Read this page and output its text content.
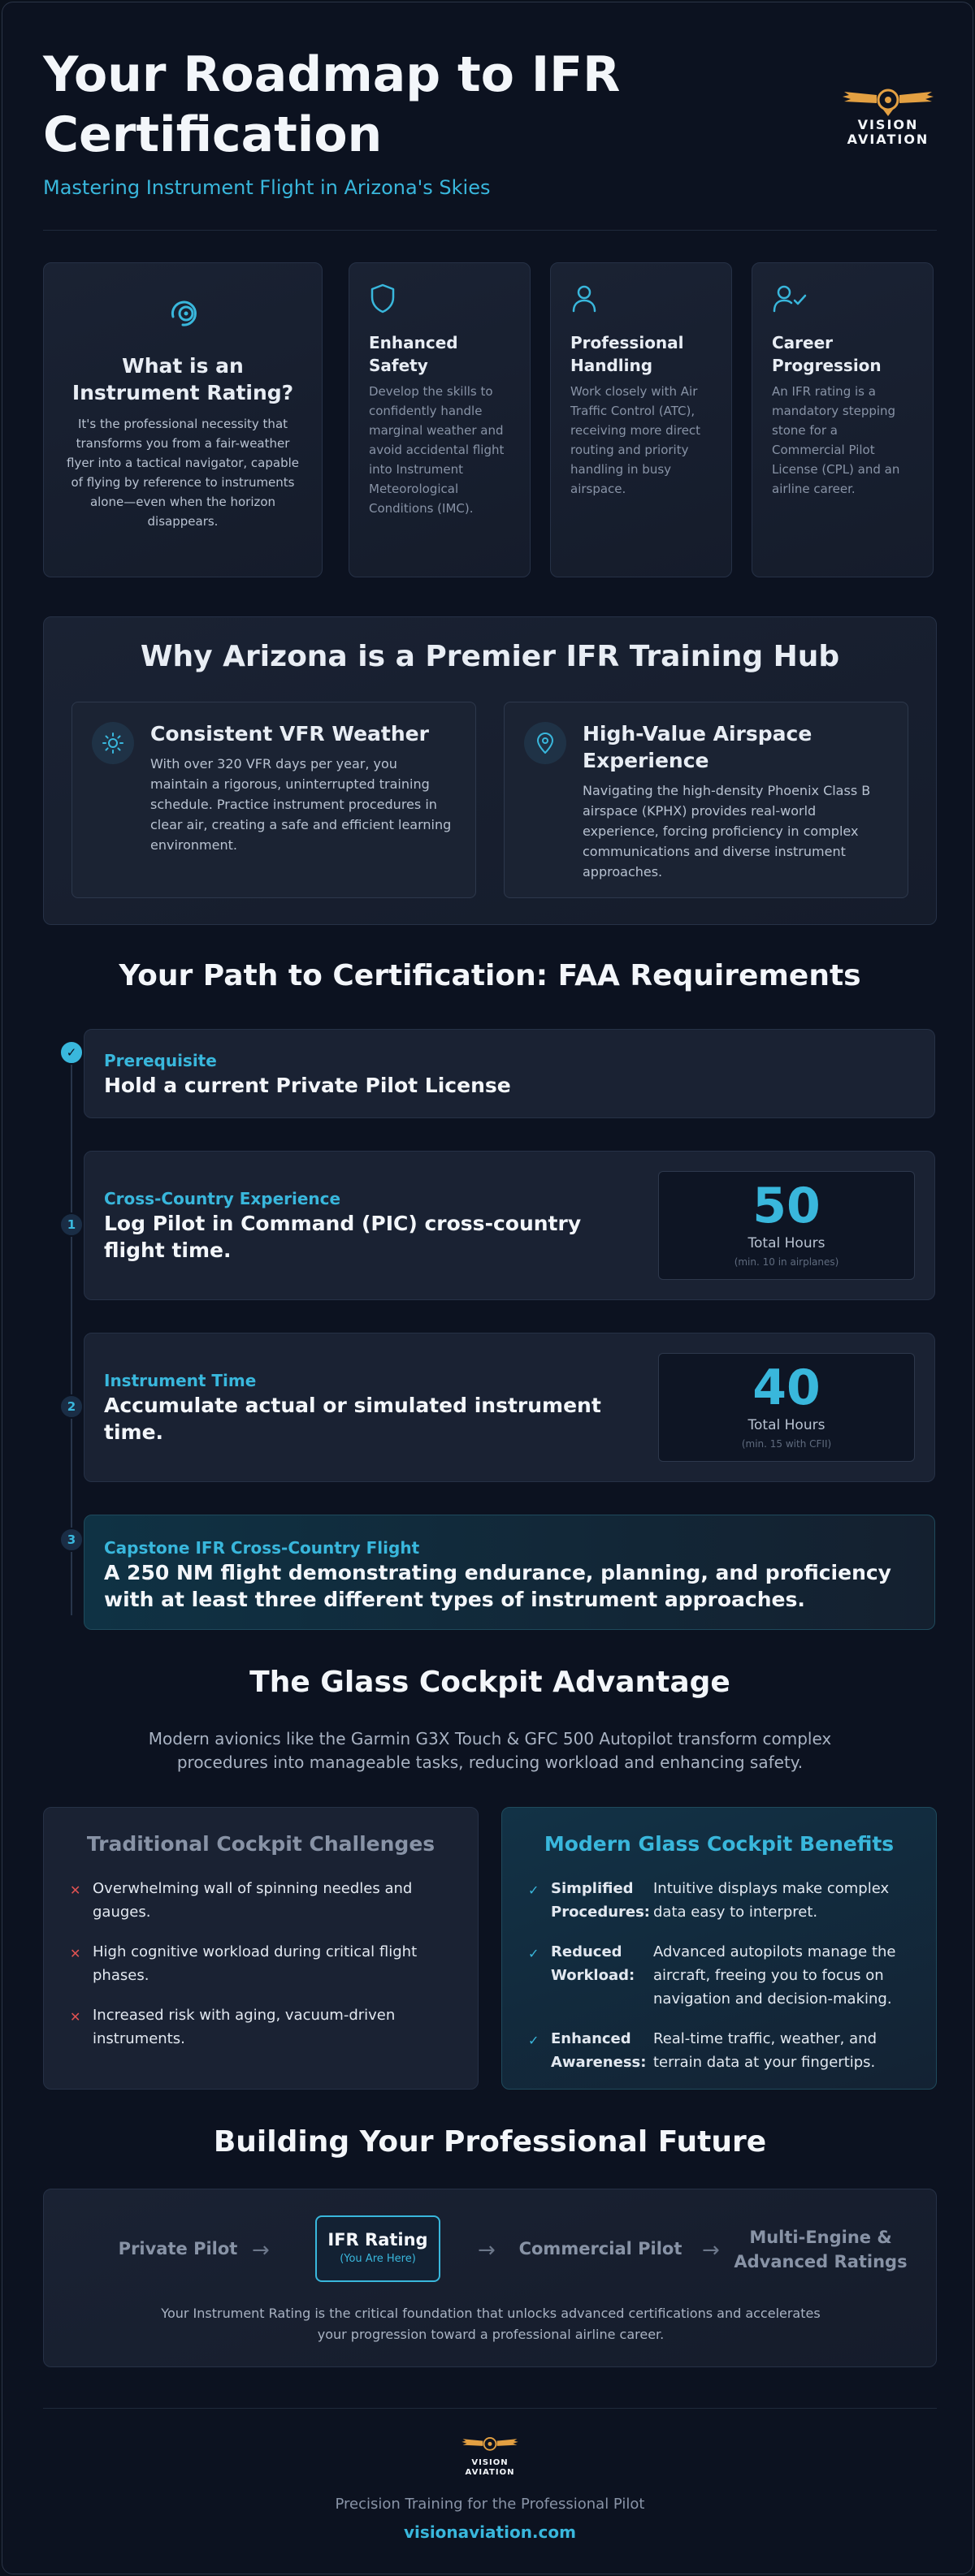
Your Roadmap to IFR Certification
Mastering Instrument Flight in Arizona's Skies
VISION
AVIATION
What is an Instrument Rating?

It's the professional necessity that transforms you from a fair-weather flyer into a tactical navigator, capable of flying by reference to instruments alone—even when the horizon disappears.

Enhanced Safety

Develop the skills to confidently handle marginal weather and avoid accidental flight into Instrument Meteorological Conditions (IMC).

Professional Handling

Work closely with Air Traffic Control (ATC), receiving more direct routing and priority handling in busy airspace.

Career Progression

An IFR rating is a mandatory stepping stone for a Commercial Pilot License (CPL) and an airline career.

Why Arizona is a Premier IFR Training Hub
Consistent VFR Weather

With over 320 VFR days per year, you maintain a rigorous, uninterrupted training schedule. Practice instrument procedures in clear air, creating a safe and efficient learning environment.

High-Value Airspace Experience

Navigating the high-density Phoenix Class B airspace (KPHX) provides real-world experience, forcing proficiency in complex communications and diverse instrument approaches.

Your Path to Certification: FAA Requirements
✓	Prerequisite
Hold a current Private Pilot License
1
Cross-Country Experience
Log Pilot in Command (PIC) cross-country flight time.
50
Total Hours
(min. 10 in airplanes)
2
Instrument Time
Accumulate actual or simulated instrument time.
40
Total Hours
(min. 15 with CFII)
3	Capstone IFR Cross-Country Flight
A 250 NM flight demonstrating endurance, planning, and proficiency with at least three different types of instrument approaches.
The Glass Cockpit Advantage
Modern avionics like the Garmin G3X Touch & GFC 500 Autopilot transform complex procedures into manageable tasks, reducing workload and enhancing safety.
Traditional Cockpit Challenges
✕ Overwhelming wall of spinning needles and gauges.
✕ High cognitive workload during critical flight phases.
✕ Increased risk with aging, vacuum-driven instruments.
Modern Glass Cockpit Benefits
✓ Simplified Procedures:
Intuitive displays make complex data easy to interpret.
✓ Reduced Workload:
Advanced autopilots manage the aircraft, freeing you to focus on navigation and decision-making.
✓ Enhanced Awareness:
Real-time traffic, weather, and terrain data at your fingertips.
Building Your Professional Future
Private Pilot →	IFR Rating
(You Are Here)	→ Commercial Pilot →
Multi-Engine & Advanced Ratings
Your Instrument Rating is the critical foundation that unlocks advanced certifications and accelerates your progression toward a professional airline career.
VISION
AVIATION
Precision Training for the Professional Pilot
visionaviation.com
